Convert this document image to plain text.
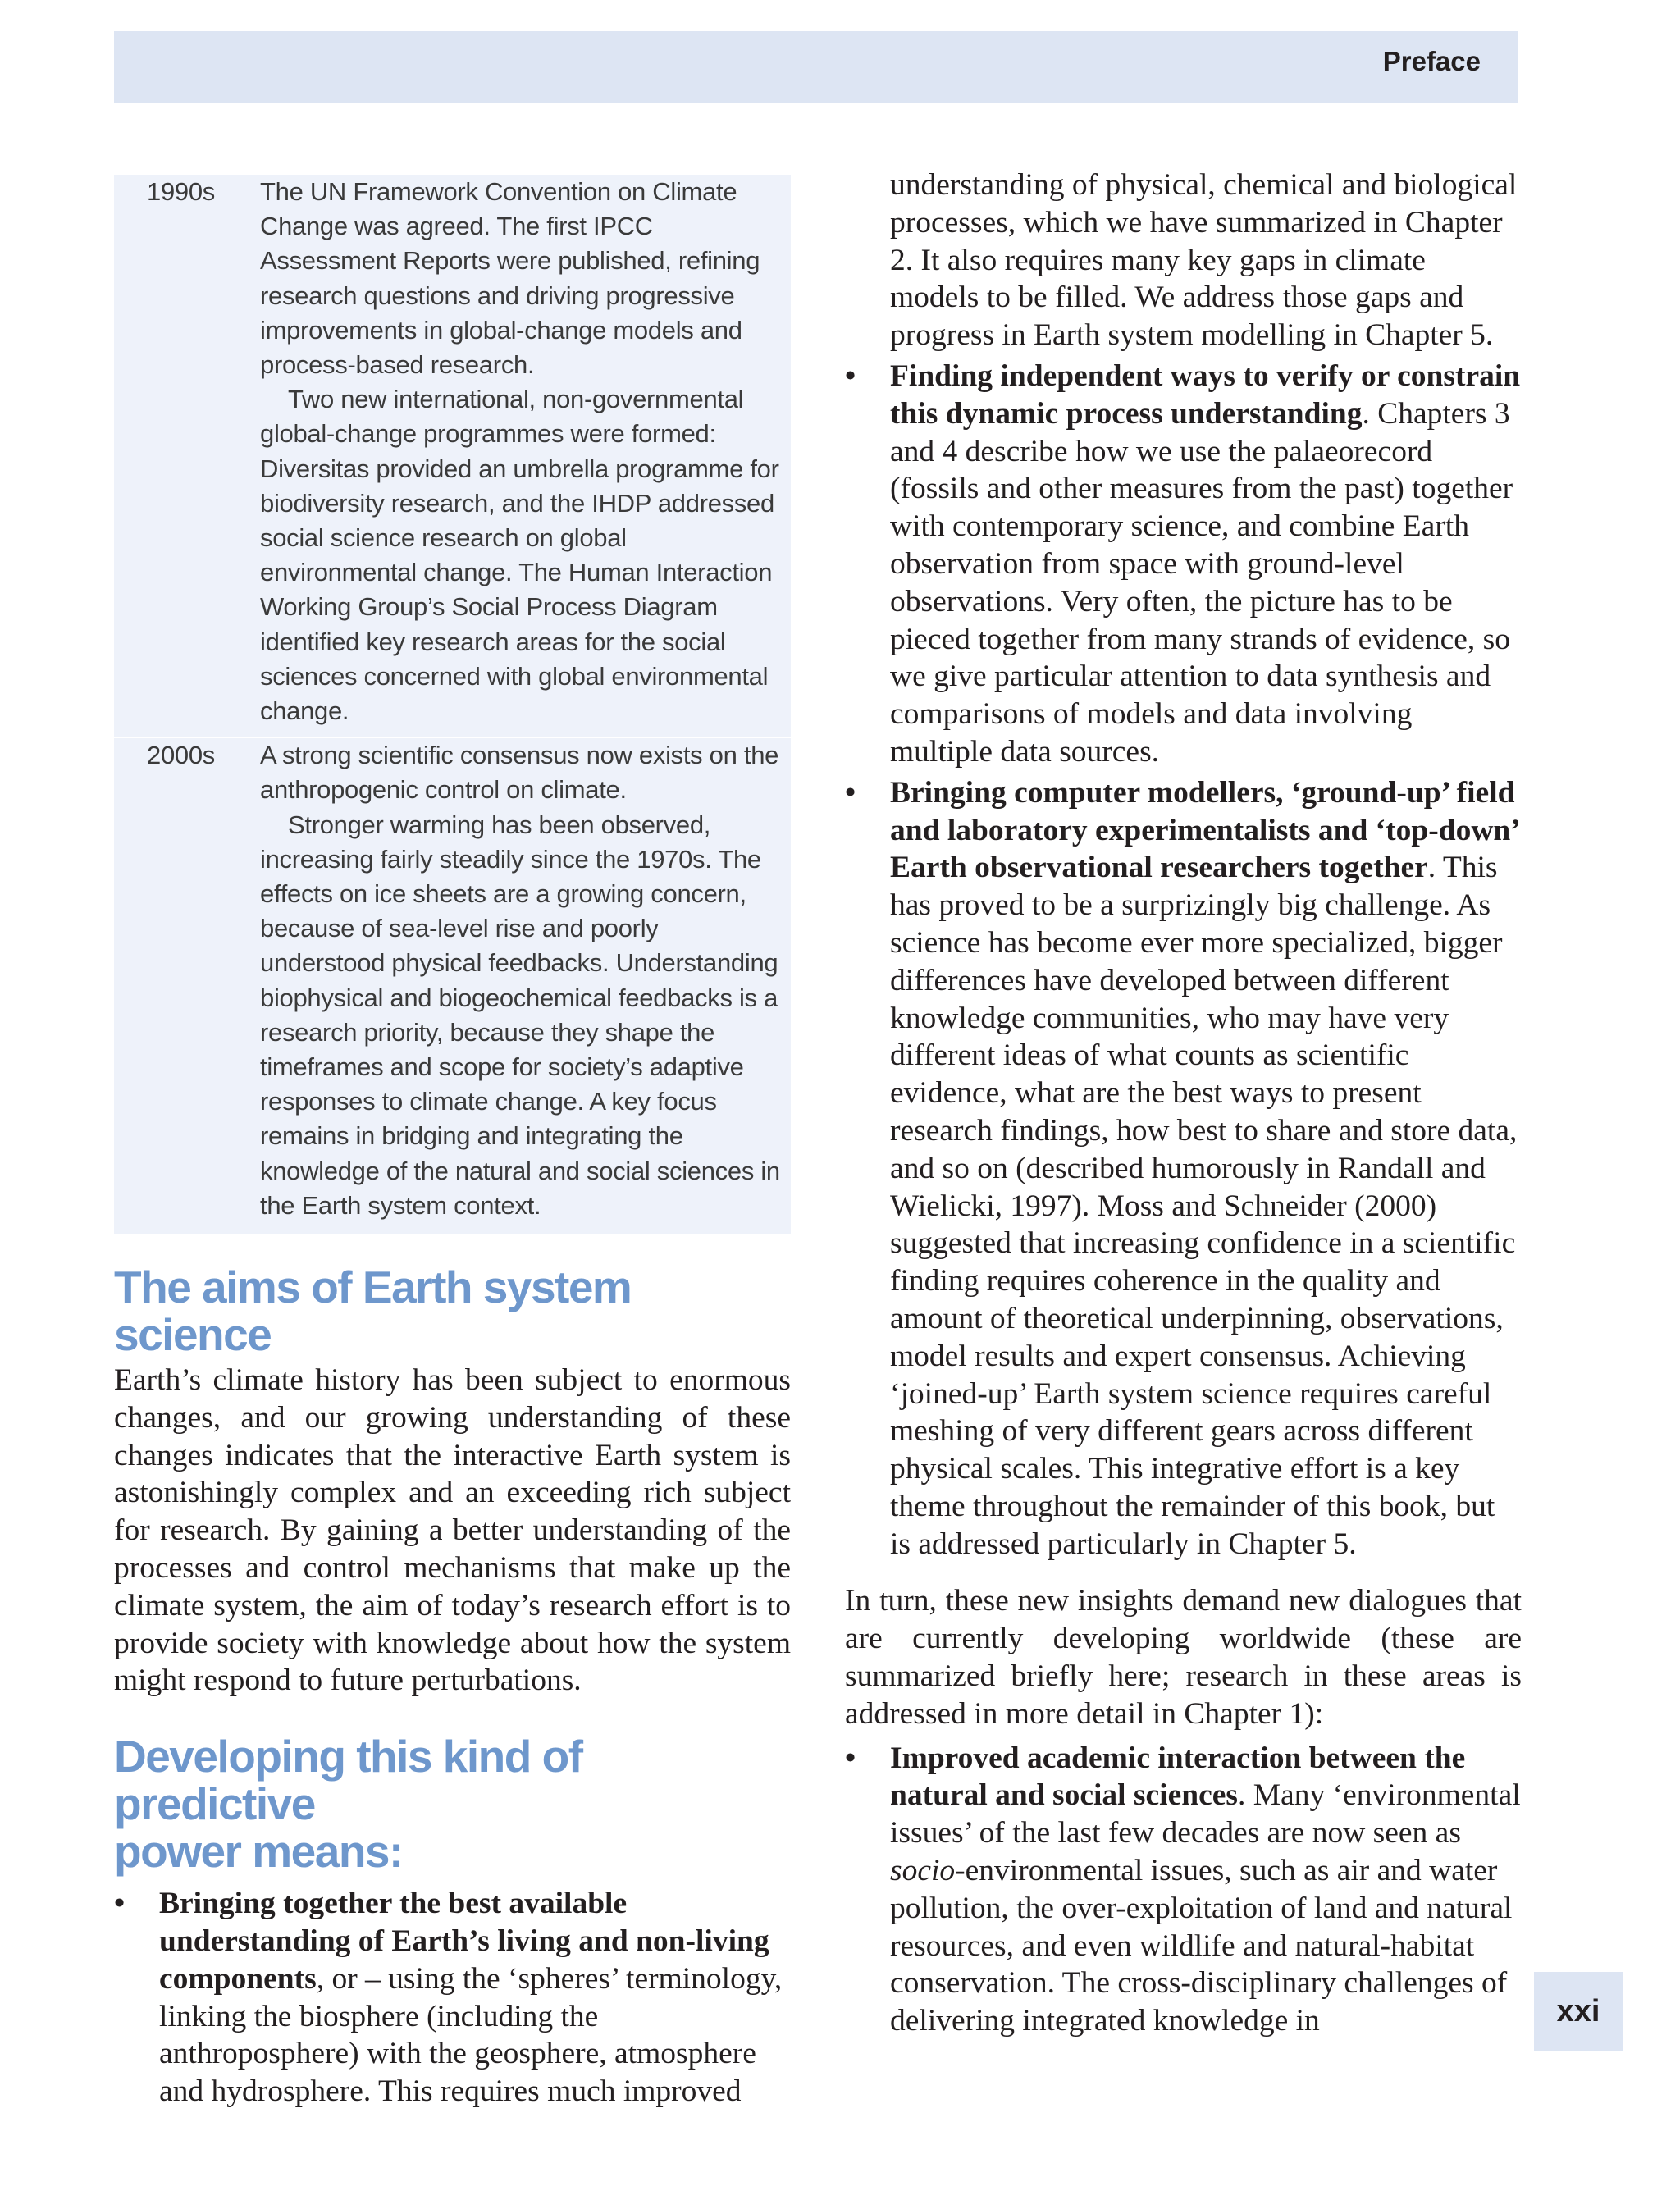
Preface
1990s	The UN Framework Convention on Climate Change was agreed. The first IPCC Assessment Reports were published, refining research questions and driving progressive improvements in global-change models and process-based research.

Two new international, non-governmental global-change programmes were formed: Diversitas provided an umbrella programme for biodiversity research, and the IHDP addressed social science research on global environmental change. The Human Interaction Working Group’s Social Process Diagram identified key research areas for the social sciences concerned with global environmental change.

2000s	A strong scientific consensus now exists on the anthropogenic control on climate.

Stronger warming has been observed, increasing fairly steadily since the 1970s. The effects on ice sheets are a growing concern, because of sea-level rise and poorly understood physical feedbacks. Understanding biophysical and biogeochemical feedbacks is a research priority, because they shape the timeframes and scope for society’s adaptive responses to climate change. A key focus remains in bridging and integrating the knowledge of the natural and social sciences in the Earth system context.

The aims of Earth system science

Earth’s climate history has been subject to enormous changes, and our growing understanding of these changes indicates that the interactive Earth system is astonishingly complex and an exceeding rich subject for research. By gaining a better understanding of the processes and control mechanisms that make up the climate system, the aim of today’s research effort is to provide society with knowledge about how the system might respond to future perturbations.

Developing this kind of predictive
power means:
• Bringing together the best available understanding of Earth’s living and non-living components, or – using the ‘spheres’ terminology, linking the biosphere (including the anthroposphere) with the geosphere, atmosphere and hydrosphere. This requires much improved

understanding of physical, chemical and biological processes, which we have summarized in Chapter 2. It also requires many key gaps in climate models to be filled. We address those gaps and progress in Earth system modelling in Chapter 5.

• Finding independent ways to verify or constrain this dynamic process understanding. Chapters 3 and 4 describe how we use the palaeorecord (fossils and other measures from the past) together with contemporary science, and combine Earth observation from space with ground-level observations. Very often, the picture has to be pieced together from many strands of evidence, so we give particular attention to data synthesis and comparisons of models and data involving multiple data sources.
• Bringing computer modellers, ‘ground-up’ field and laboratory experimentalists and ‘top-down’ Earth observational researchers together. This has proved to be a surprizingly big challenge. As science has become ever more specialized, bigger differences have developed between different knowledge communities, who may have very different ideas of what counts as scientific evidence, what are the best ways to present research findings, how best to share and store data, and so on (described humorously in Randall and Wielicki, 1997). Moss and Schneider (2000) suggested that increasing confidence in a scientific finding requires coherence in the quality and amount of theoretical underpinning, observations, model results and expert consensus. Achieving ‘joined-up’ Earth system science requires careful meshing of very different gears across different physical scales. This integrative effort is a key theme throughout the remainder of this book, but is addressed particularly in Chapter 5.

In turn, these new insights demand new dialogues that are currently developing worldwide (these are summarized briefly here; research in these areas is addressed in more detail in Chapter 1):

• Improved academic interaction between the natural and social sciences. Many ‘environmental issues’ of the last few decades are now seen as socio-environmental issues, such as air and water pollution, the over-exploitation of land and natural resources, and even wildlife and natural-habitat conservation. The cross-disciplinary challenges of delivering integrated knowledge in	xxi
